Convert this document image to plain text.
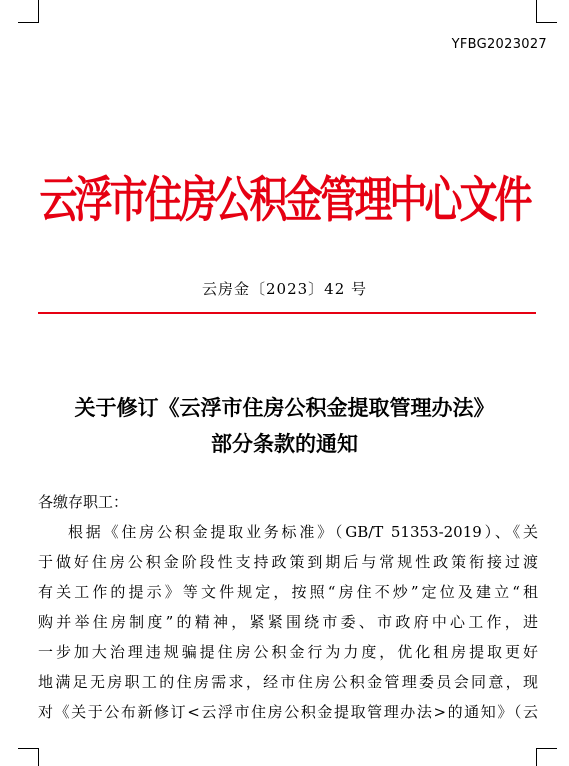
YFBG2023027
云浮市住房公积金管理中心文件
云房金〔2023〕42 号
关于修订《云浮市住房公积金提取管理办法》
部分条款的通知
各缴存职工：
根据《住房公积金提取业务标准》（GB/T 51353-2019）、《关
于做好住房公积金阶段性支持政策到期后与常规性政策衔接过渡
有关工作的提示》等文件规定，按照“房住不炒”定位及建立“租
购并举住房制度”的精神，紧紧围绕市委、市政府中心工作，进
一步加大治理违规骗提住房公积金行为力度，优化租房提取更好
地满足无房职工的住房需求，经市住房公积金管理委员会同意，现
对《关于公布新修订<云浮市住房公积金提取管理办法>的通知》（云
